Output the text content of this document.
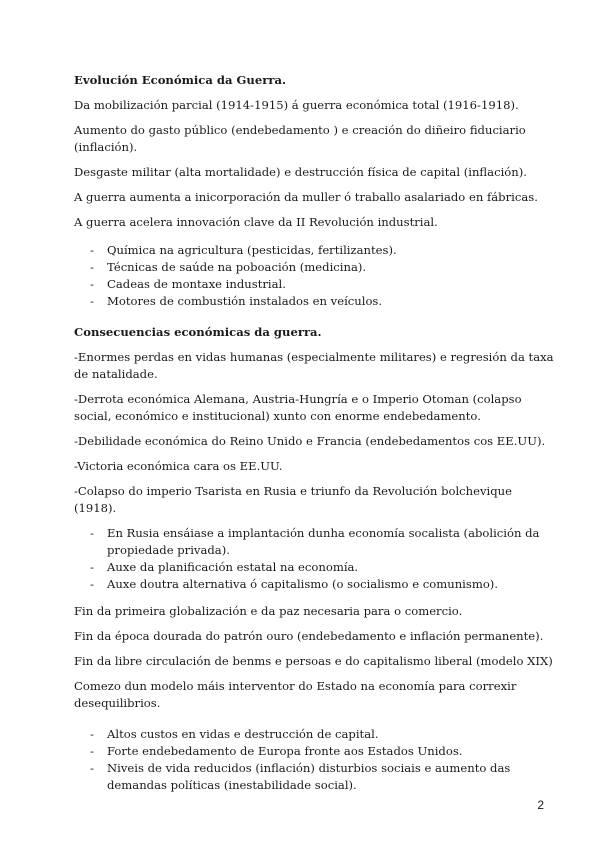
Evolución Económica da Guerra.

Da mobilización parcial (1914-1915) á guerra económica total (1916-1918).

Aumento do gasto público (endebedamento ) e creación do diñeiro fiduciario (inflación).

Desgaste militar (alta mortalidade) e destrucción física de capital (inflación).

A guerra aumenta a inicorporación da muller ó traballo asalariado en fábricas.

A guerra acelera innovación clave da II Revolución industrial.

- Química na agricultura (pesticidas, fertilizantes).
- Técnicas de saúde na poboación (medicina).
- Cadeas de montaxe industrial.
- Motores de combustión instalados en veículos.

Consecuencias económicas da guerra.

-Enormes perdas en vidas humanas (especialmente militares) e regresión da taxa de natalidade.

-Derrota económica Alemana, Austria-Hungría e o Imperio Otoman (colapso social, económico e institucional) xunto con enorme endebedamento.

-Debilidade económica do Reino Unido e Francia (endebedamentos cos EE.UU).

-Victoria económica cara os EE.UU.

-Colapso do imperio Tsarista en Rusia e triunfo da Revolución bolchevique (1918).

- En Rusia ensáiase a implantación dunha economía socalista (abolición da propiedade privada).
- Auxe da planificación estatal na economía.
- Auxe doutra alternativa ó capitalismo (o socialismo e comunismo).

Fin da primeira globalización e da paz necesaria para o comercio.

Fin da época dourada do patrón ouro (endebedamento e inflación permanente).

Fin da libre circulación de benms e persoas e do capitalismo liberal (modelo XIX)

Comezo dun modelo máis interventor do Estado na economía para correxir desequilibrios.

- Altos custos en vidas e destrucción de capital.
- Forte endebedamento de Europa fronte aos Estados Unidos.
- Niveis de vida reducidos (inflación) disturbios sociais e aumento das demandas políticas (inestabilidade social).
2
